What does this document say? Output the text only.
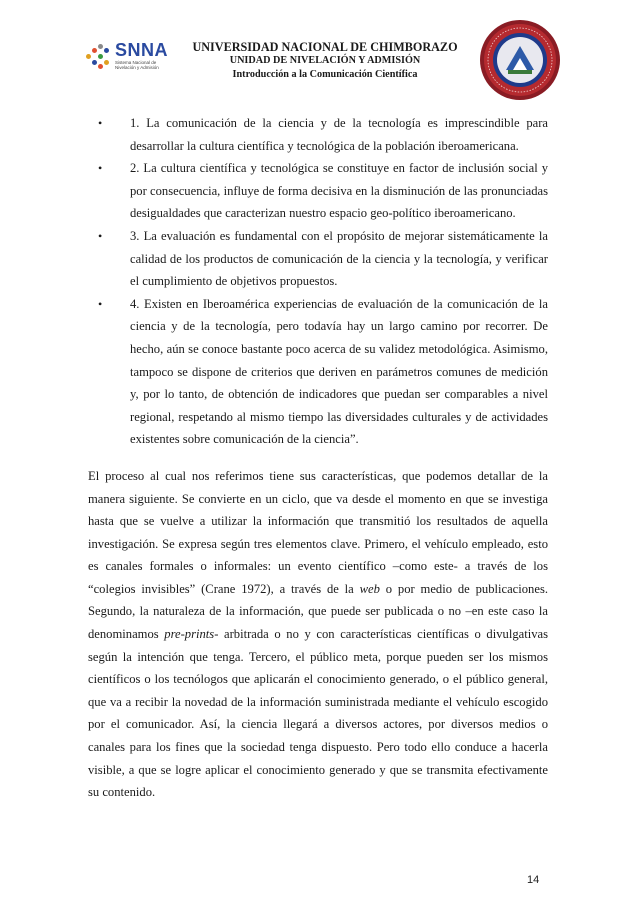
SNNA
Sistema Nacional de Nivelación y Admisión
UNIVERSIDAD NACIONAL DE CHIMBORAZO
UNIDAD DE NIVELACIÓN Y ADMISIÓN
Introducción a la Comunicación Científica
• 1. La comunicación de la ciencia y de la tecnología es imprescindible para desarrollar la cultura científica y tecnológica de la población iberoamericana.
• 2. La cultura científica y tecnológica se constituye en factor de inclusión social y por consecuencia, influye de forma decisiva en la disminución de las pronunciadas desigualdades que caracterizan nuestro espacio geo-político iberoamericano.
• 3. La evaluación es fundamental con el propósito de mejorar sistemáticamente la calidad de los productos de comunicación de la ciencia y la tecnología, y verificar el cumplimiento de objetivos propuestos.
• 4. Existen en Iberoamérica experiencias de evaluación de la comunicación de la ciencia y de la tecnología, pero todavía hay un largo camino por recorrer. De hecho, aún se conoce bastante poco acerca de su validez metodológica. Asimismo, tampoco se dispone de criterios que deriven en parámetros comunes de medición y, por lo tanto, de obtención de indicadores que puedan ser comparables a nivel regional, respetando al mismo tiempo las diversidades culturales y de actividades existentes sobre comunicación de la ciencia”.

El proceso al cual nos referimos tiene sus características, que podemos detallar de la manera siguiente. Se convierte en un ciclo, que va desde el momento en que se investiga hasta que se vuelve a utilizar la información que transmitió los resultados de aquella investigación. Se expresa según tres elementos clave. Primero, el vehículo empleado, esto es canales formales o informales: un evento científico –como este- a través de los “colegios invisibles” (Crane 1972), a través de la web o por medio de publicaciones. Segundo, la naturaleza de la información, que puede ser publicada o no –en este caso la denominamos pre-prints- arbitrada o no y con características científicas o divulgativas según la intención que tenga. Tercero, el público meta, porque pueden ser los mismos científicos o los tecnólogos que aplicarán el conocimiento generado, o el público general, que va a recibir la novedad de la información suministrada mediante el vehículo escogido por el comunicador. Así, la ciencia llegará a diversos actores, por diversos medios o canales para los fines que la sociedad tenga dispuesto. Pero todo ello conduce a hacerla visible, a que se logre aplicar el conocimiento generado y que se transmita efectivamente su contenido.

14
